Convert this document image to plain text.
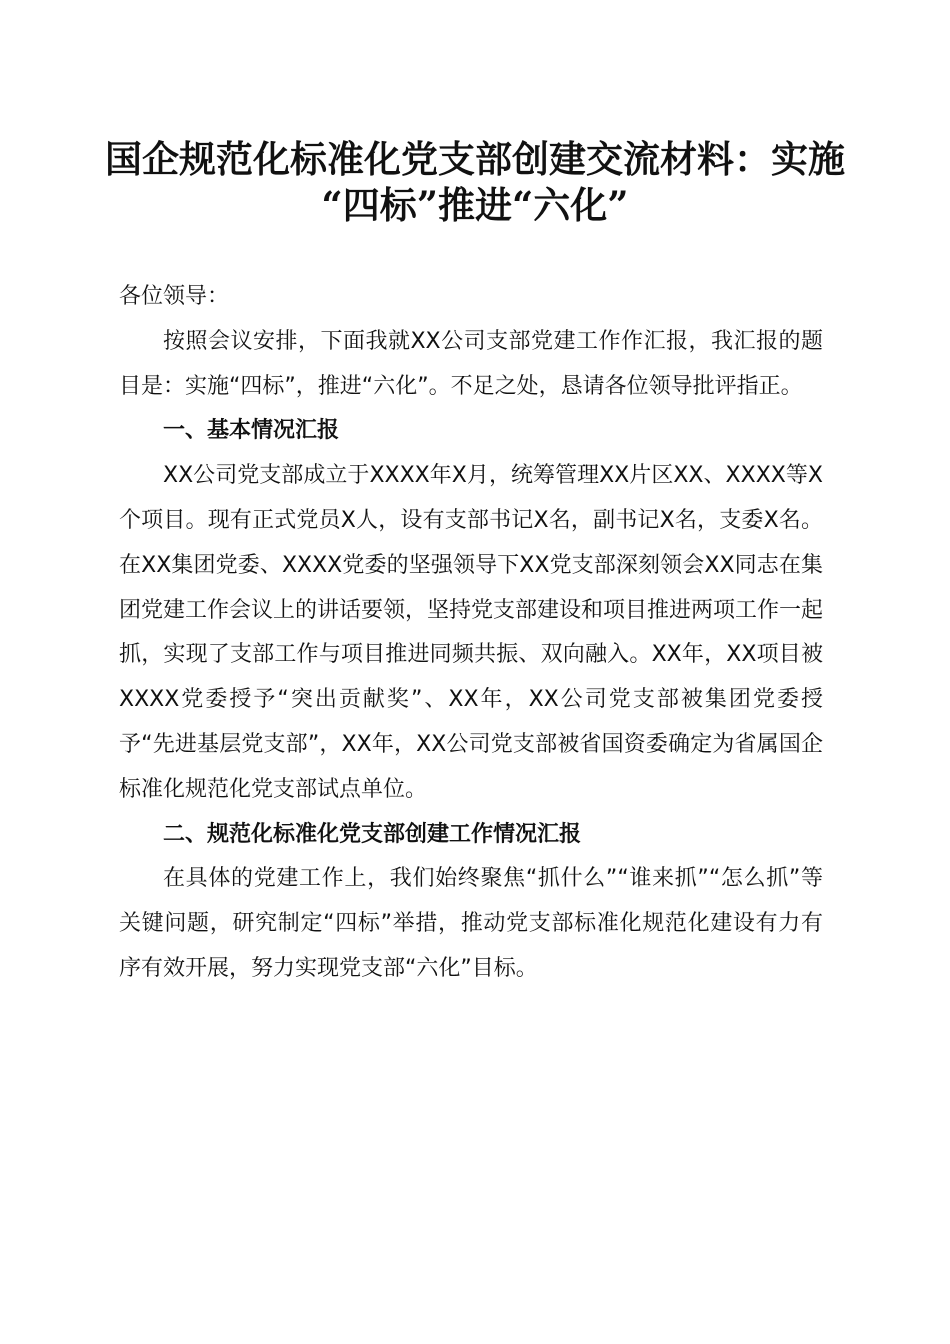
国企规范化标准化党支部创建交流材料：实施
“四标”推进“六化”

各位领导：

按照会议安排，下面我就XX公司支部党建工作作汇报，我汇报的题目是：实施“四标”，推进“六化”。不足之处，恳请各位领导批评指正。

一、基本情况汇报

XX公司党支部成立于XXXX年X月，统筹管理XX片区XX、XXXX等X个项目。现有正式党员X人，设有支部书记X名，副书记X名，支委X名。在XX集团党委、XXXX党委的坚强领导下XX党支部深刻领会XX同志在集团党建工作会议上的讲话要领，坚持党支部建设和项目推进两项工作一起抓，实现了支部工作与项目推进同频共振、双向融入。XX年，XX项目被XXXX党委授予“突出贡献奖”、XX年，XX公司党支部被集团党委授予“先进基层党支部”，XX年，XX公司党支部被省国资委确定为省属国企标准化规范化党支部试点单位。

二、规范化标准化党支部创建工作情况汇报

在具体的党建工作上，我们始终聚焦“抓什么”“谁来抓”“怎么抓”等关键问题，研究制定“四标”举措，推动党支部标准化规范化建设有力有序有效开展，努力实现党支部“六化”目标。
